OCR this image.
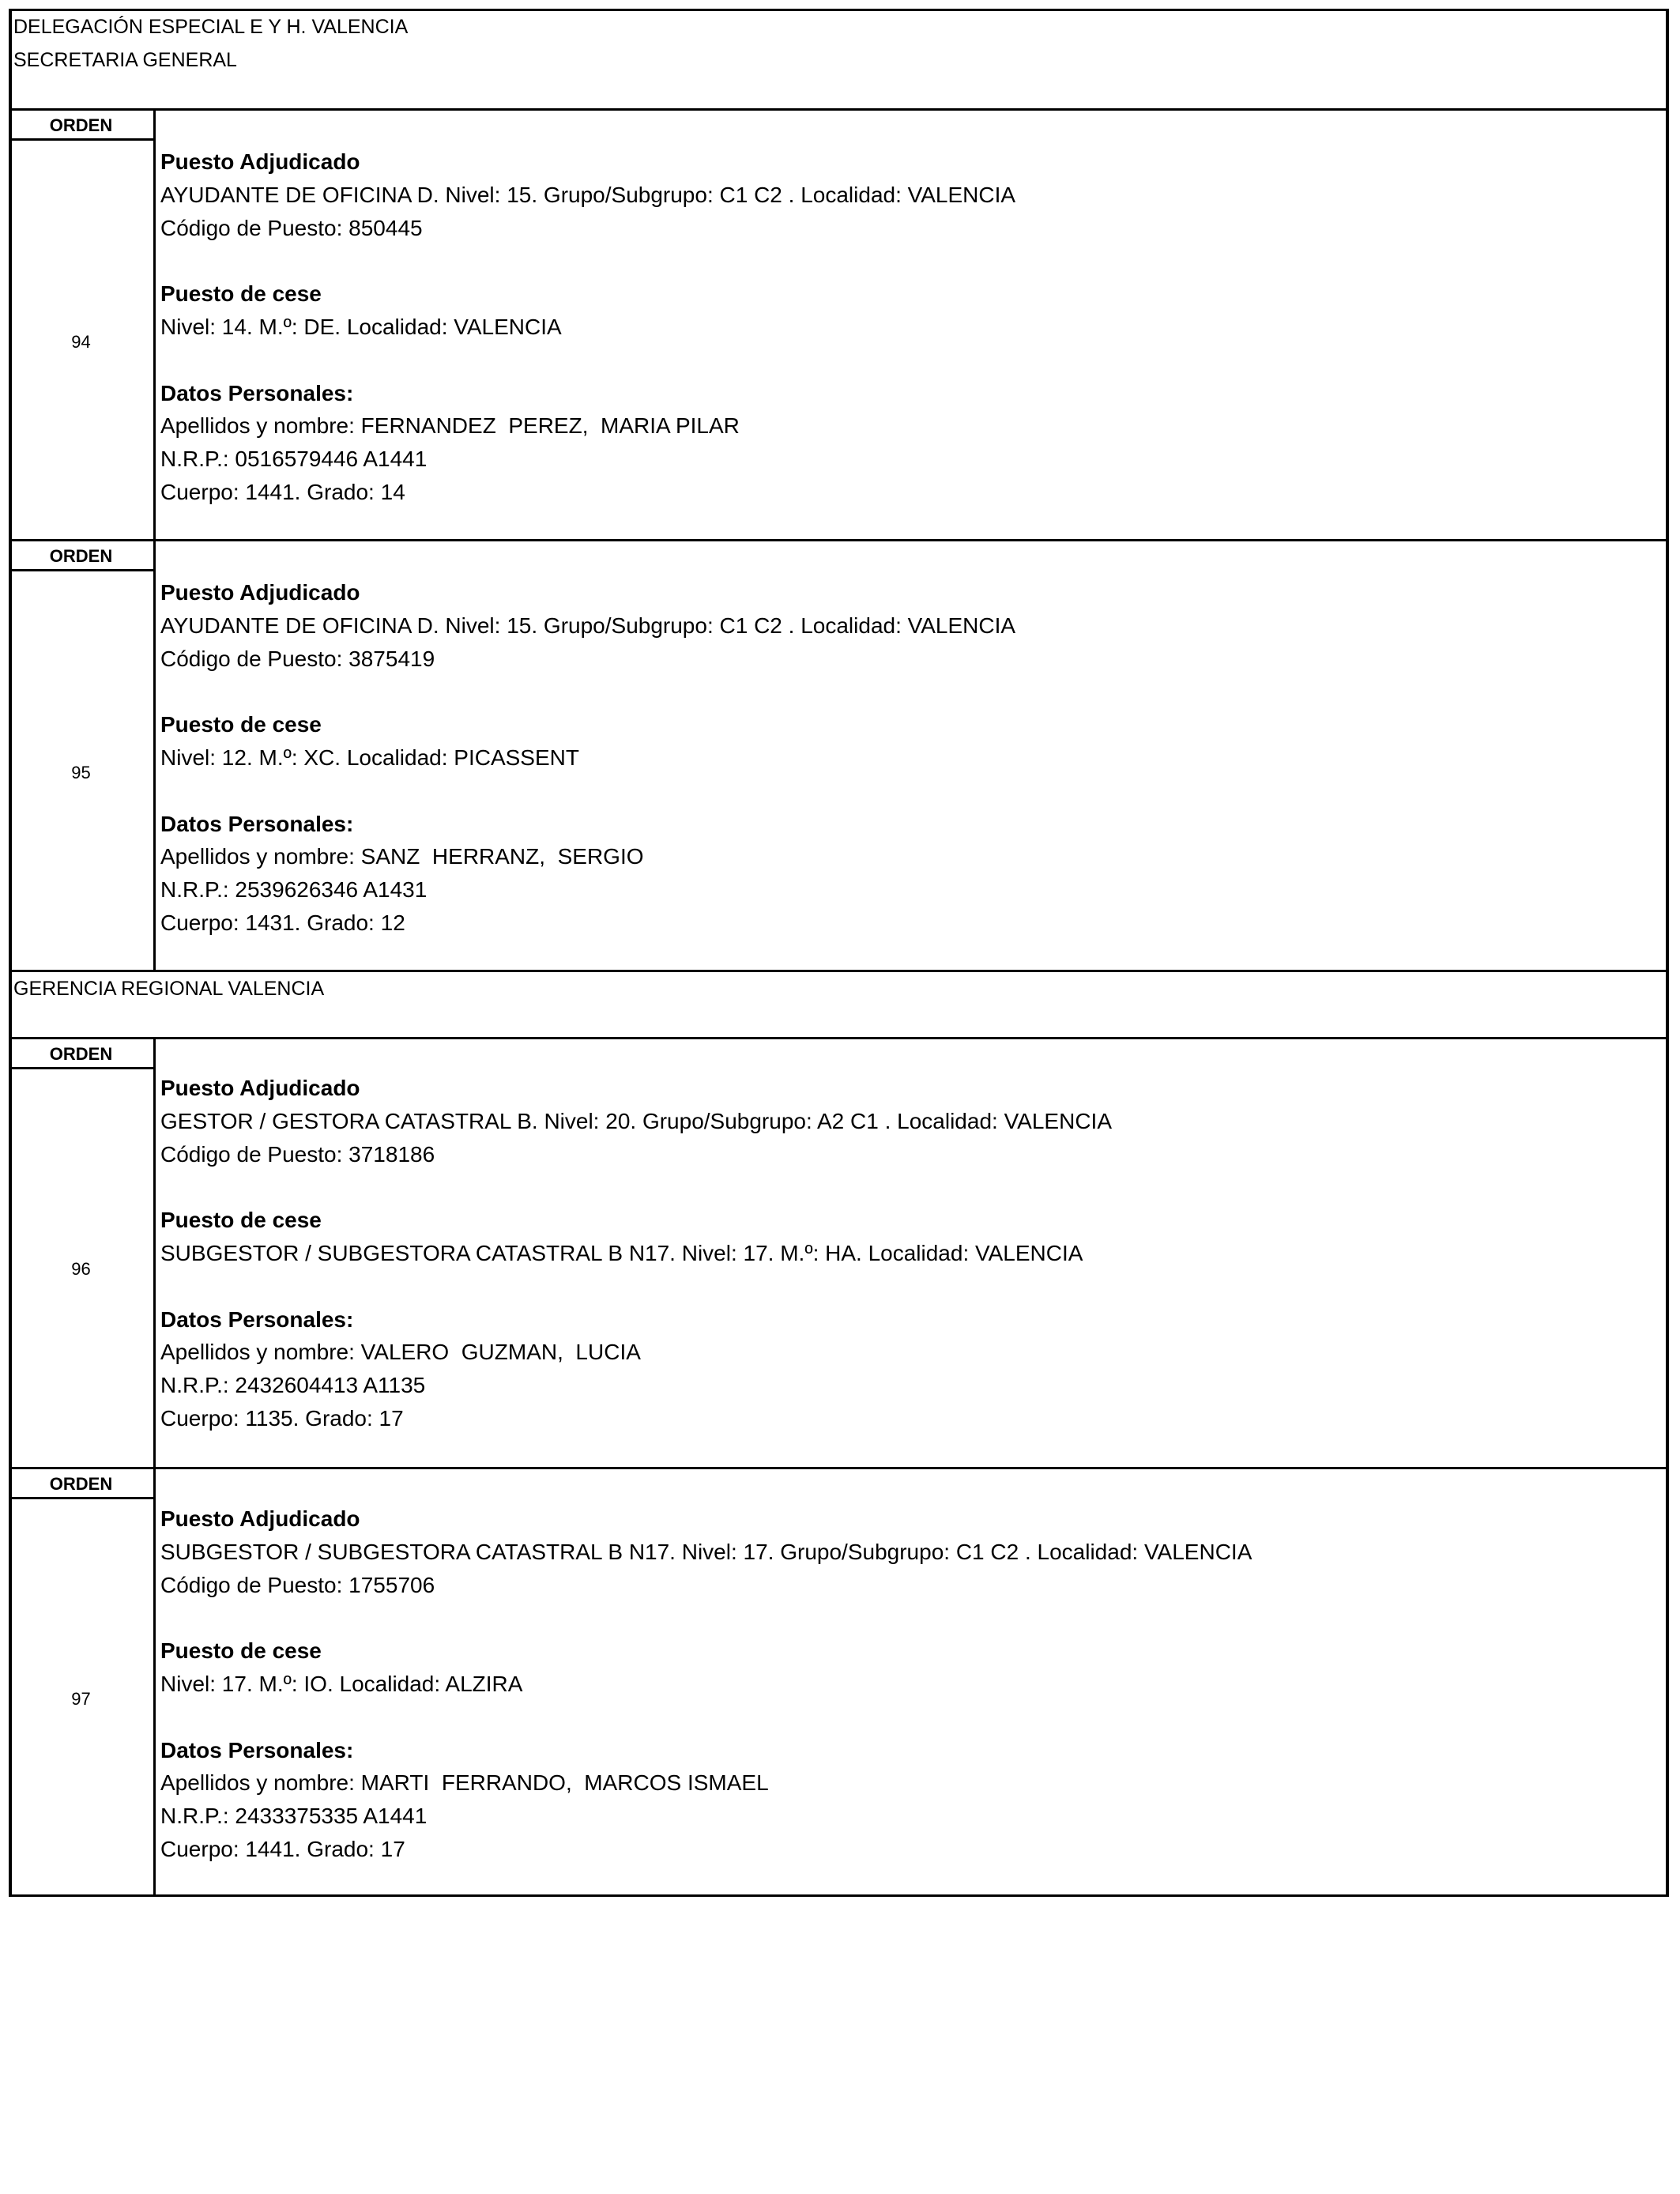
DELEGACIÓN ESPECIAL E Y H. VALENCIA
SECRETARIA GENERAL
ORDEN
94
Puesto Adjudicado
AYUDANTE DE OFICINA D. Nivel: 15. Grupo/Subgrupo: C1 C2 . Localidad: VALENCIA
Código de Puesto: 850445
Puesto de cese
Nivel: 14. M.º: DE. Localidad: VALENCIA
Datos Personales:
Apellidos y nombre: FERNANDEZ  PEREZ,  MARIA PILAR
N.R.P.: 0516579446 A1441
Cuerpo: 1441. Grado: 14
ORDEN
95
Puesto Adjudicado
AYUDANTE DE OFICINA D. Nivel: 15. Grupo/Subgrupo: C1 C2 . Localidad: VALENCIA
Código de Puesto: 3875419
Puesto de cese
Nivel: 12. M.º: XC. Localidad: PICASSENT
Datos Personales:
Apellidos y nombre: SANZ  HERRANZ,  SERGIO
N.R.P.: 2539626346 A1431
Cuerpo: 1431. Grado: 12
GERENCIA REGIONAL VALENCIA
ORDEN
96
Puesto Adjudicado
GESTOR / GESTORA CATASTRAL B. Nivel: 20. Grupo/Subgrupo: A2 C1 . Localidad: VALENCIA
Código de Puesto: 3718186
Puesto de cese
SUBGESTOR / SUBGESTORA CATASTRAL B N17. Nivel: 17. M.º: HA. Localidad: VALENCIA
Datos Personales:
Apellidos y nombre: VALERO  GUZMAN,  LUCIA
N.R.P.: 2432604413 A1135
Cuerpo: 1135. Grado: 17
ORDEN
97
Puesto Adjudicado
SUBGESTOR / SUBGESTORA CATASTRAL B N17. Nivel: 17. Grupo/Subgrupo: C1 C2 . Localidad: VALENCIA
Código de Puesto: 1755706
Puesto de cese
Nivel: 17. M.º: IO. Localidad: ALZIRA
Datos Personales:
Apellidos y nombre: MARTI  FERRANDO,  MARCOS ISMAEL
N.R.P.: 2433375335 A1441
Cuerpo: 1441. Grado: 17
